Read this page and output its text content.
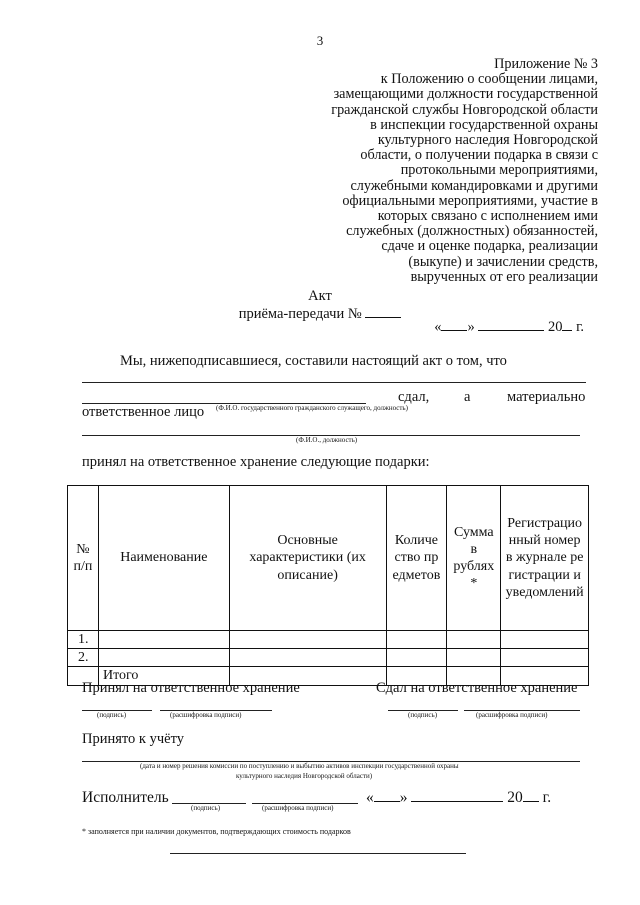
3
Приложение № 3
к Положению о сообщении лицами,
замещающими должности государственной
гражданской службы Новгородской области
в инспекции государственной охраны
культурного наследия Новгородской
области, о получении подарка в связи с
протокольными мероприятиями,
служебными командировками и другими
официальными мероприятиями, участие в
которых связано с исполнением ими
служебных (должностных) обязанностей,
сдаче и оценке подарка, реализации
(выкупе) и зачислении средств,
вырученных от его реализации
Акт
приёма-передачи №
« »	20 г.
Мы, нижеподписавшиеся, составили настоящий акт о том, что
сдал, а	материально
ответственное лицо (Ф.И.О. государственного гражданского служащего, должность)
(Ф.И.О., должность)
принял на ответственное хранение следующие подарки:
№ п/п	Наименование	Основные характеристики (их описание)	Количество предметов	Сумма в рублях *	Регистрационный номер в журнале регистрации и уведомлений
1.					
2.					
	Итого				
Принял на ответственное хранение	Сдал на ответственное хранение
(подпись)	(расшифровка подписи)	(подпись)	(расшифровка подписи)
Принято к учёту
(дата и номер решения комиссии по поступлению и выбытию активов инспекции государственной охраны
культурного наследия Новгородской области)
Исполнитель
(подпись)	(расшифровка подписи)
« »	20 г.
* заполняется при наличии документов, подтверждающих стоимость подарков
